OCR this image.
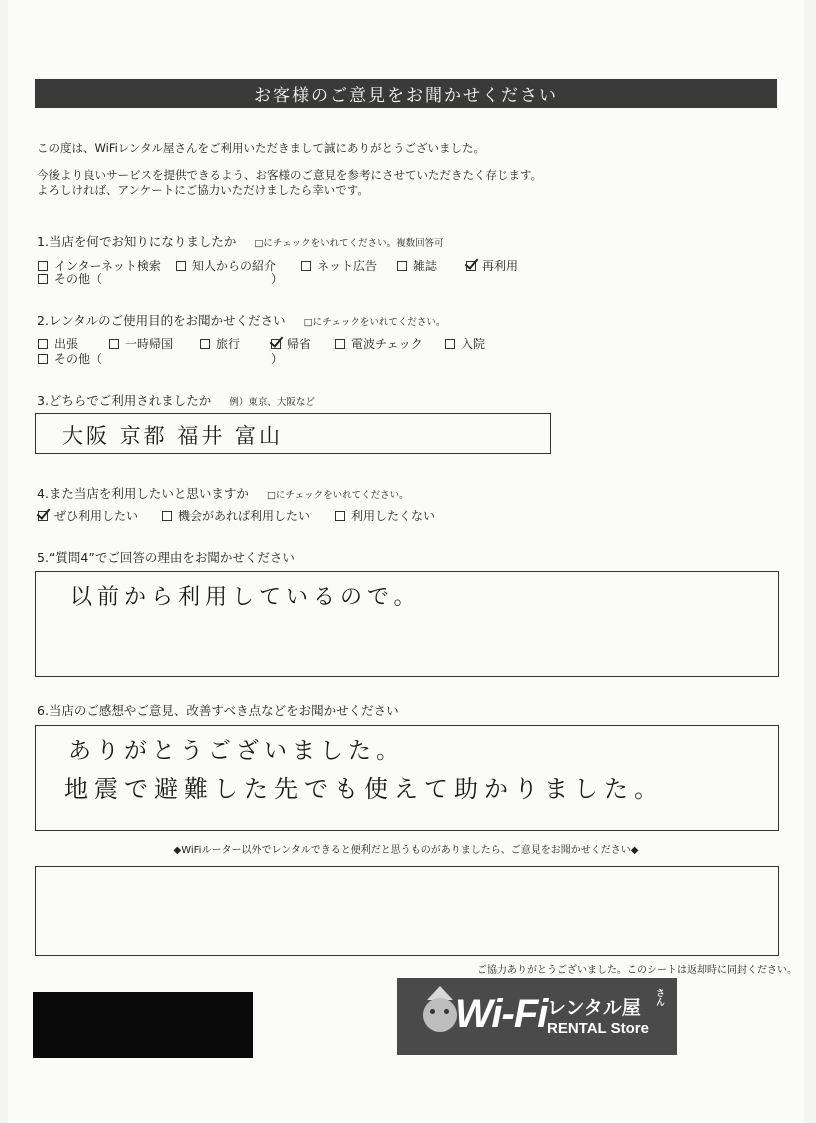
お客様のご意見をお聞かせください
この度は、WiFiレンタル屋さんをご利用いただきまして誠にありがとうございました。
今後より良いサービスを提供できるよう、お客様のご意見を参考にさせていただきたく存じます。
よろしければ、アンケートにご協力いただけましたら幸いです。
1.当店を何でお知りになりましたか □にチェックをいれてください。複数回答可
インターネット検索	知人からの紹介	ネット広告	雑誌	再利用
その他（	）
2.レンタルのご使用目的をお聞かせください □にチェックをいれてください。
出張	一時帰国	旅行	帰省	電波チェック	入院
その他（	）
3.どちらでご利用されましたか 例）東京、大阪など
大阪 京都 福井 富山
4.また当店を利用したいと思いますか □にチェックをいれてください。
ぜひ利用したい	機会があれば利用したい	利用したくない
5.“質問4”でご回答の理由をお聞かせください
以前から利用しているので。
6.当店のご感想やご意見、改善すべき点などをお聞かせください
ありがとうございました。
地震で避難した先でも使えて助かりました。
◆WiFiルーター以外でレンタルできると便利だと思うものがありましたら、ご意見をお聞かせください◆
ご協力ありがとうございました。このシートは返却時に同封ください。
Wi-Fi レンタル屋 さん
RENTAL Store
